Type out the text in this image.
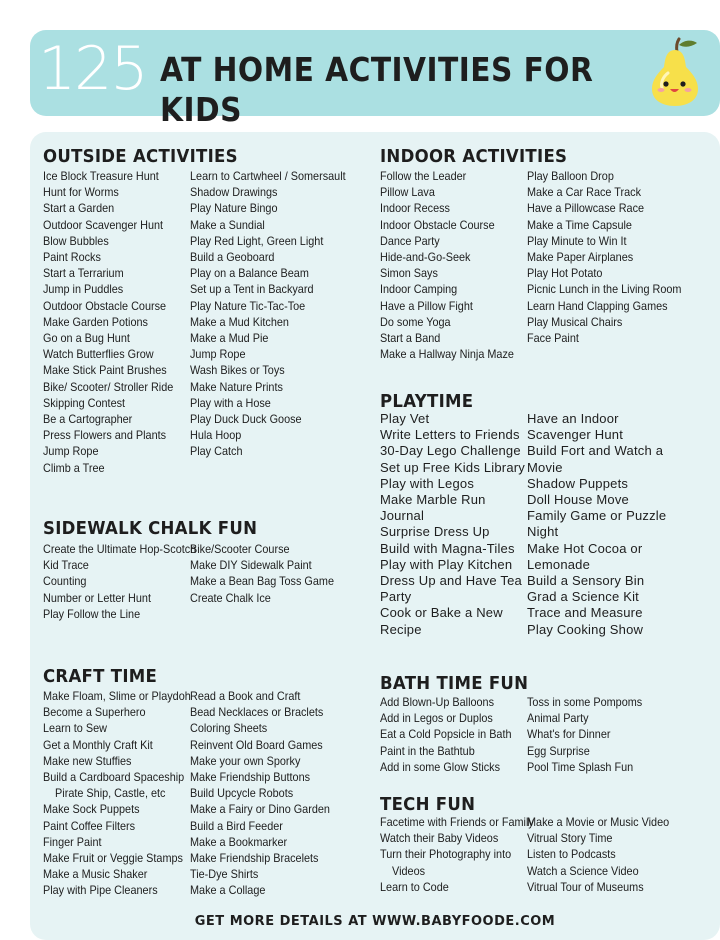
125 AT HOME ACTIVITIES FOR KIDS
OUTSIDE ACTIVITIES
Ice Block Treasure Hunt
Hunt for Worms
Start a Garden
Outdoor Scavenger Hunt
Blow Bubbles
Paint Rocks
Start a Terrarium
Jump in Puddles
Outdoor Obstacle Course
Make Garden Potions
Go on a Bug Hunt
Watch Butterflies Grow
Make Stick Paint Brushes
Bike/ Scooter/ Stroller Ride
Skipping Contest
Be a Cartographer
Press Flowers and Plants
Jump Rope
Climb a Tree
Learn to Cartwheel / Somersault
Shadow Drawings
Play Nature Bingo
Make a Sundial
Play Red Light, Green Light
Build a Geoboard
Play on a Balance Beam
Set up a Tent in Backyard
Play Nature Tic-Tac-Toe
Make a Mud Kitchen
Make a Mud Pie
Jump Rope
Wash Bikes or Toys
Make Nature Prints
Play with a Hose
Play Duck Duck Goose
Hula Hoop
Play Catch
INDOOR ACTIVITIES
Follow the Leader
Pillow Lava
Indoor Recess
Indoor Obstacle Course
Dance Party
Hide-and-Go-Seek
Simon Says
Indoor Camping
Have a Pillow Fight
Do some Yoga
Start a Band
Make a Hallway Ninja Maze
Play Balloon Drop
Make a Car Race Track
Have a Pillowcase Race
Make a Time Capsule
Play Minute to Win It
Make Paper Airplanes
Play Hot Potato
Picnic Lunch in the Living Room
Learn Hand Clapping Games
Play Musical Chairs
Face Paint
SIDEWALK CHALK FUN
Create the Ultimate Hop-Scotch
Kid Trace
Counting
Number or Letter Hunt
Play Follow the Line
Bike/Scooter Course
Make DIY Sidewalk Paint
Make a Bean Bag Toss Game
Create Chalk Ice
PLAYTIME
Play Vet
Write Letters to Friends
30-Day Lego Challenge
Set up Free Kids Library
Play with Legos
Make Marble Run
Journal
Surprise Dress Up
Build with Magna-Tiles
Play with Play Kitchen
Dress Up and Have Tea
Party
Cook or Bake a New
Recipe
Have an Indoor
Scavenger Hunt
Build Fort and Watch a
Movie
Shadow Puppets
Doll House Move
Family Game or Puzzle
Night
Make Hot Cocoa or
Lemonade
Build a Sensory Bin
Grad a Science Kit
Trace and Measure
Play Cooking Show
CRAFT TIME
Make Floam, Slime or Playdoh
Become a Superhero
Learn to Sew
Get a Monthly Craft Kit
Make new Stuffies
Build a Cardboard Spaceship
Pirate Ship, Castle, etc
Make Sock Puppets
Paint Coffee Filters
Finger Paint
Make Fruit or Veggie Stamps
Make a Music Shaker
Play with Pipe Cleaners
Read a Book and Craft
Bead Necklaces or Braclets
Coloring Sheets
Reinvent Old Board Games
Make your own Sporky
Make Friendship Buttons
Build Upcycle Robots
Make a Fairy or Dino Garden
Build a Bird Feeder
Make a Bookmarker
Make Friendship Bracelets
Tie-Dye Shirts
Make a Collage
BATH TIME FUN
Add Blown-Up Balloons
Add in Legos or Duplos
Eat a Cold Popsicle in Bath
Paint in the Bathtub
Add in some Glow Sticks
Toss in some Pompoms
Animal Party
What's for Dinner
Egg Surprise
Pool Time Splash Fun
TECH FUN
Facetime with Friends or Family
Watch their Baby Videos
Turn their Photography into
Videos
Learn to Code
Make a Movie or Music Video
Vitrual Story Time
Listen to Podcasts
Watch a Science Video
Vitrual Tour of Museums
GET MORE DETAILS AT WWW.BABYFOODE.COM
